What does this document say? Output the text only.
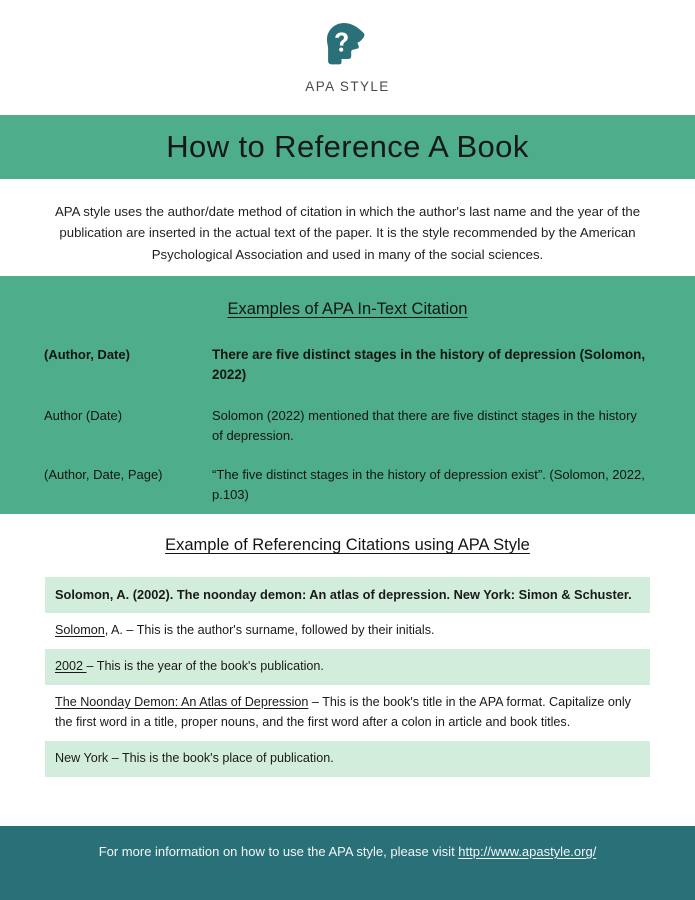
APA STYLE
How to Reference A Book
APA style uses the author/date method of citation in which the author's last name and the year of the publication are inserted in the actual text of the paper. It is the style recommended by the American Psychological Association and used in many of the social sciences.
Examples of APA In-Text Citation
(Author, Date)	There are five distinct stages in the history of depression (Solomon, 2022)
Author (Date)	Solomon (2022) mentioned that there are five distinct stages in the history of depression.
(Author, Date, Page)	“The five distinct stages in the history of depression exist”. (Solomon, 2022, p.103)
Example of Referencing Citations using APA Style
Solomon, A. (2002). The noonday demon: An atlas of depression. New York: Simon & Schuster.
Solomon, A. – This is the author's surname, followed by their initials.
2002 – This is the year of the book's publication.
The Noonday Demon: An Atlas of Depression – This is the book's title in the APA format. Capitalize only the first word in a title, proper nouns, and the first word after a colon in article and book titles.
New York – This is the book's place of publication.
For more information on how to use the APA style, please visit http://www.apastyle.org/
